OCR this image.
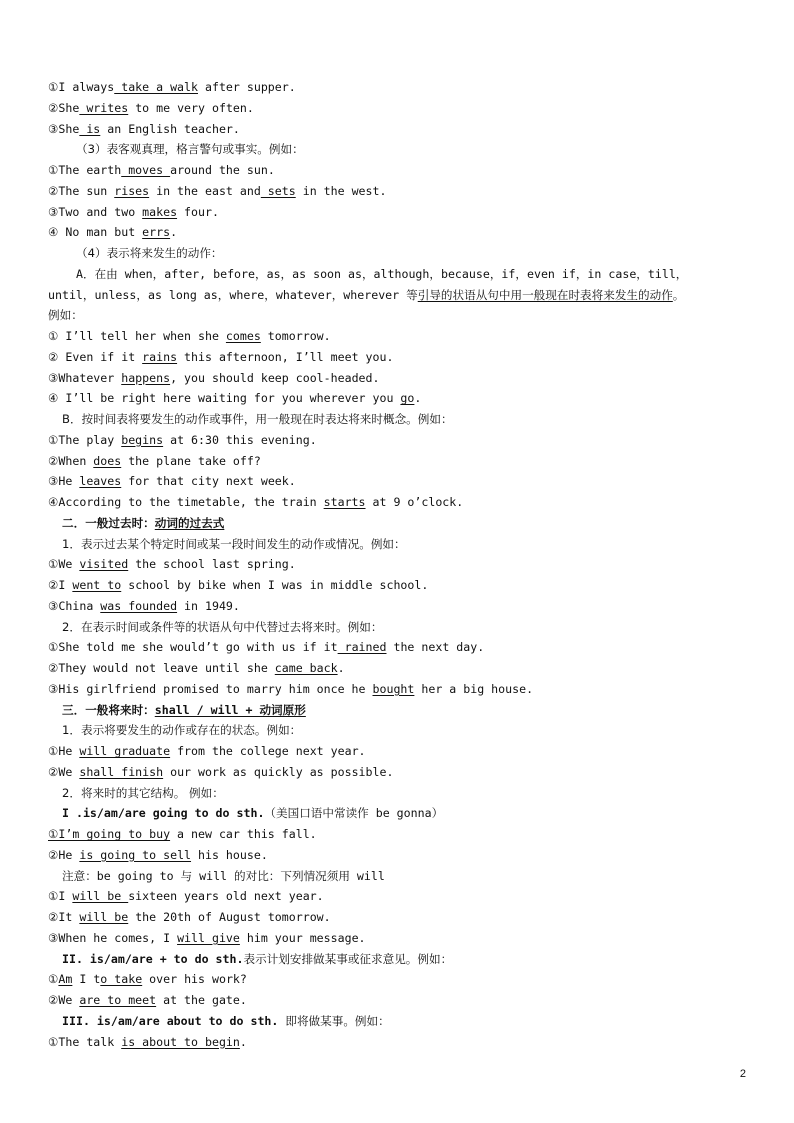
①I always take a walk after supper.
②She writes to me very often.
③She is an English teacher.
（3）表客观真理，格言警句或事实。例如：
①The earth moves around the sun.
②The sun rises in the east and sets in the west.
③Two and two makes four.
④ No man but errs.
（4）表示将来发生的动作：
A．在由 when，after, before，as，as soon as，although，because，if，even if，in case，till，
until，unless，as long as，where，whatever，wherever 等引导的状语从句中用一般现在时表将来发生的动作。
例如：
① I’ll tell her when she comes tomorrow.
② Even if it rains this afternoon, I’ll meet you.
③Whatever happens, you should keep cool-headed.
④ I’ll be right here waiting for you wherever you go.
B．按时间表将要发生的动作或事件，用一般现在时表达将来时概念。例如：
①The play begins at 6:30 this evening.
②When does the plane take off?
③He leaves for that city next week.
④According to the timetable, the train starts at 9 o’clock.
二．一般过去时：动词的过去式
1．表示过去某个特定时间或某一段时间发生的动作或情况。例如：
①We visited the school last spring.
②I went to school by bike when I was in middle school.
③China was founded in 1949.
2．在表示时间或条件等的状语从句中代替过去将来时。例如：
①She told me she would’t go with us if it rained the next day.
②They would not leave until she came back.
③His girlfriend promised to marry him once he bought her a big house.
三．一般将来时：shall / will + 动词原形
1．表示将要发生的动作或存在的状态。例如：
①He will graduate from the college next year.
②We shall finish our work as quickly as possible.
2．将来时的其它结构。 例如：
I .is/am/are going to do sth.（美国口语中常读作 be gonna）
①I’m going to buy a new car this fall.
②He is going to sell his house.
注意：be going to 与 will 的对比：下列情况须用 will
①I will be sixteen years old next year.
②It will be the 20th of August tomorrow.
③When he comes, I will give him your message.
II. is/am/are + to do sth.表示计划安排做某事或征求意见。例如：
①Am I to take over his work?
②We are to meet at the gate.
III. is/am/are about to do sth. 即将做某事。例如：
①The talk is about to begin.
2
